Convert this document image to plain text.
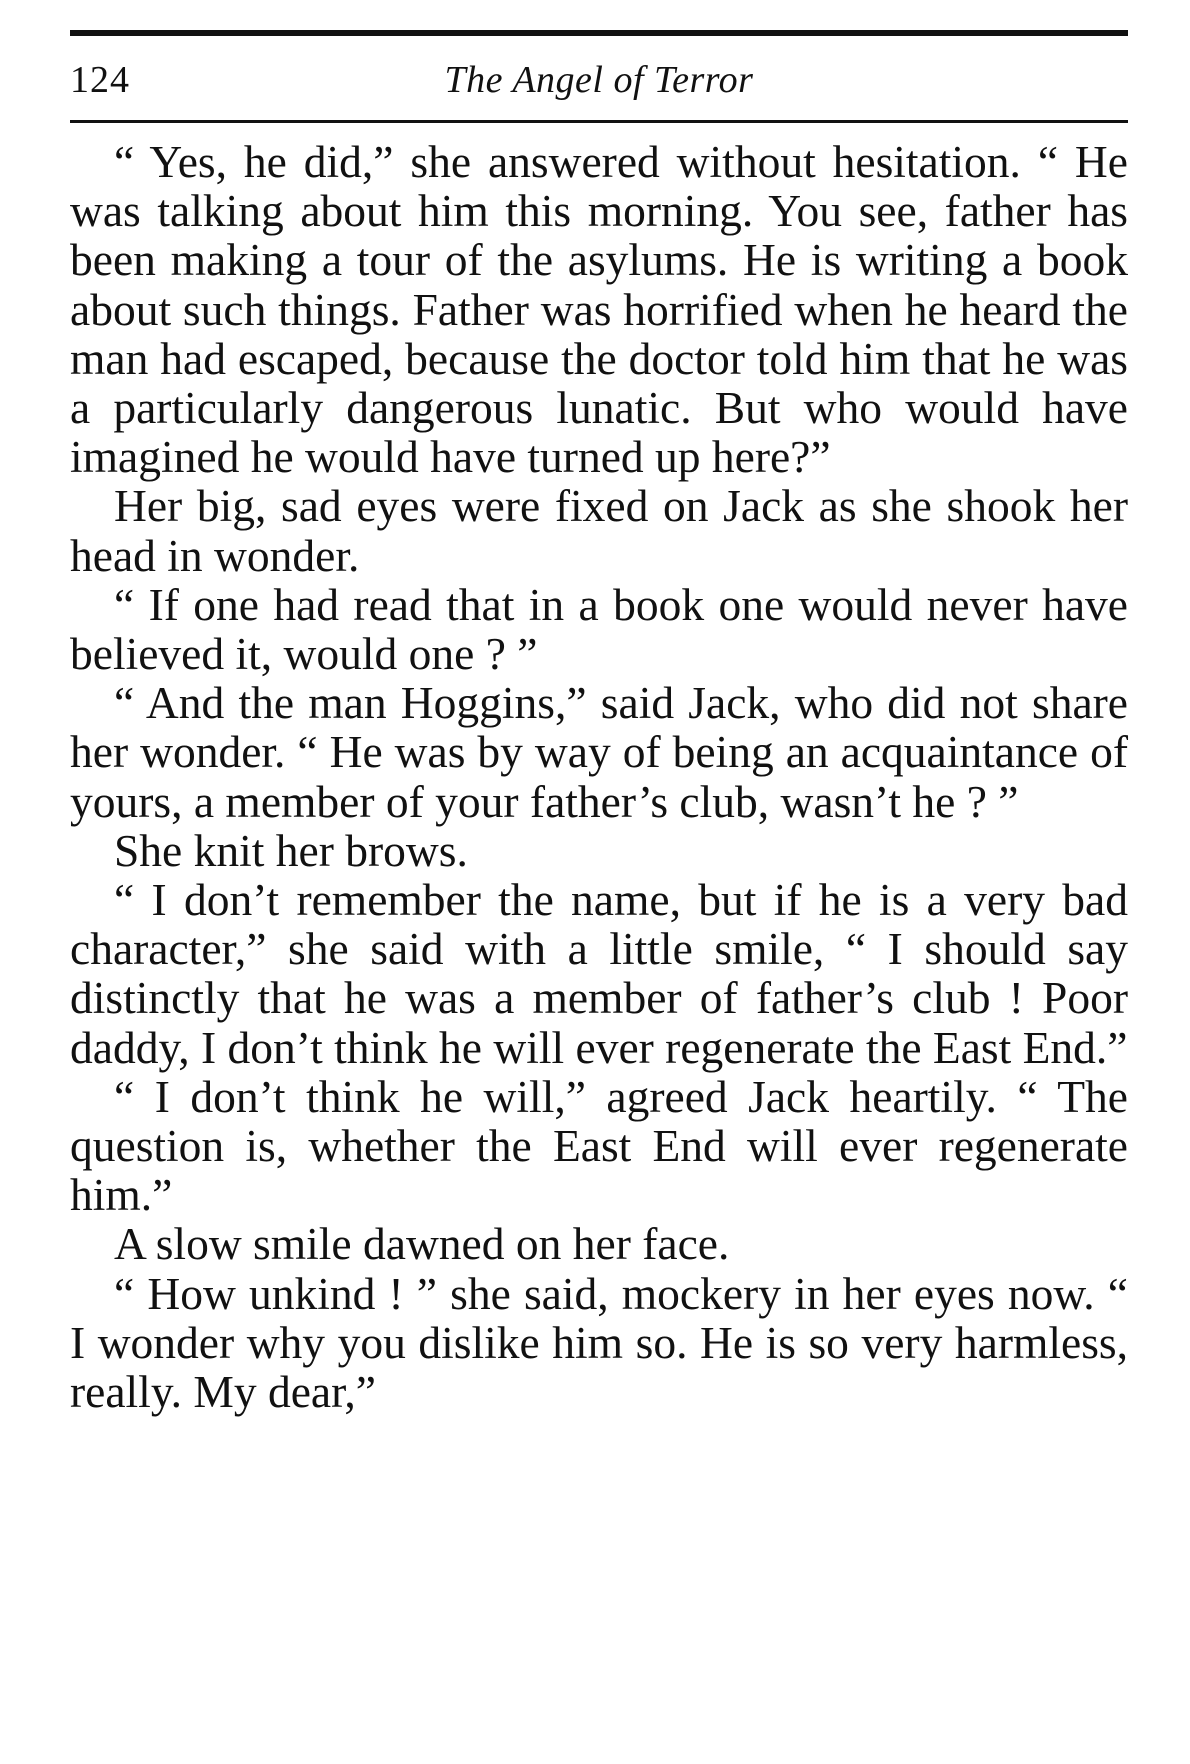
124	The Angel of Terror

“ Yes, he did,” she answered without hesitation. “ He was talking about him this morning. You see, father has been making a tour of the asylums. He is writing a book about such things. Father was horrified when he heard the man had escaped, because the doctor told him that he was a particularly dangerous lunatic. But who would have imagined he would have turned up here?”

Her big, sad eyes were fixed on Jack as she shook her head in wonder.

“ If one had read that in a book one would never have believed it, would one ? ”

“ And the man Hoggins,” said Jack, who did not share her wonder. “ He was by way of being an acquaintance of yours, a member of your father’s club, wasn’t he ? ”

She knit her brows.

“ I don’t remember the name, but if he is a very bad character,” she said with a little smile, “ I should say distinctly that he was a member of father’s club ! Poor daddy, I don’t think he will ever regenerate the East End.”

“ I don’t think he will,” agreed Jack heartily. “ The question is, whether the East End will ever regenerate him.”

A slow smile dawned on her face.

“ How unkind ! ” she said, mockery in her eyes now. “ I wonder why you dislike him so. He is so very harmless, really. My dear,”
